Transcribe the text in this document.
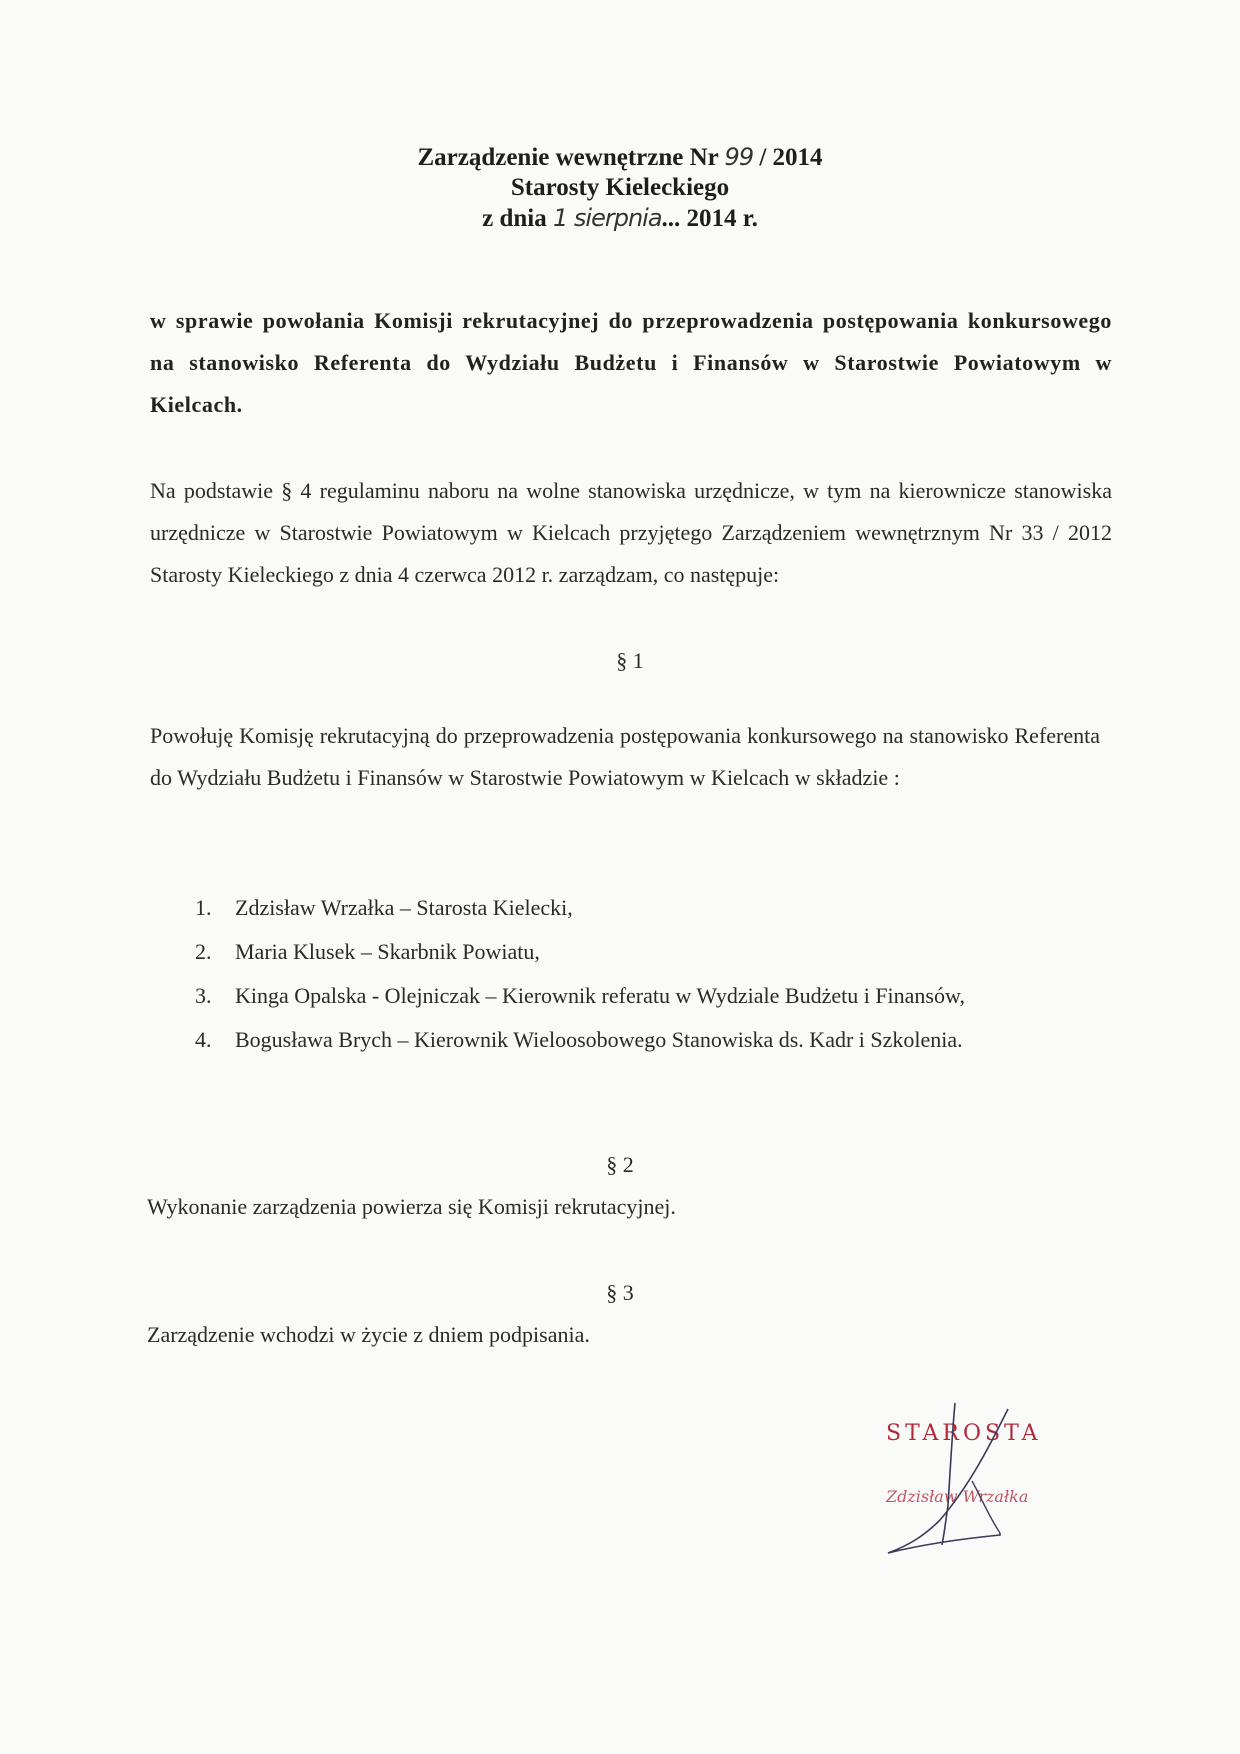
Zarządzenie wewnętrzne Nr 99 / 2014
Starosty Kieleckiego
z dnia 1 sierpnia... 2014 r.
w sprawie powołania Komisji rekrutacyjnej do przeprowadzenia postępowania konkursowego na stanowisko Referenta do Wydziału Budżetu i Finansów w Starostwie Powiatowym w Kielcach.
Na podstawie § 4 regulaminu naboru na wolne stanowiska urzędnicze, w tym na kierownicze stanowiska urzędnicze w Starostwie Powiatowym w Kielcach przyjętego Zarządzeniem wewnętrznym Nr 33 / 2012 Starosty Kieleckiego z dnia 4 czerwca 2012 r. zarządzam, co następuje:
§ 1
Powołuję Komisję rekrutacyjną do przeprowadzenia postępowania konkursowego na stanowisko Referenta do Wydziału Budżetu i Finansów w Starostwie Powiatowym w Kielcach w składzie :
1. Zdzisław Wrzałka – Starosta Kielecki,
2. Maria Klusek – Skarbnik Powiatu,
3. Kinga Opalska - Olejniczak – Kierownik referatu w Wydziale Budżetu i Finansów,
4. Bogusława Brych – Kierownik Wieloosobowego Stanowiska ds. Kadr i Szkolenia.
§ 2
Wykonanie zarządzenia powierza się Komisji rekrutacyjnej.
§ 3
Zarządzenie wchodzi w życie z dniem podpisania.
STAROSTA
Zdzisław Wrzałka
